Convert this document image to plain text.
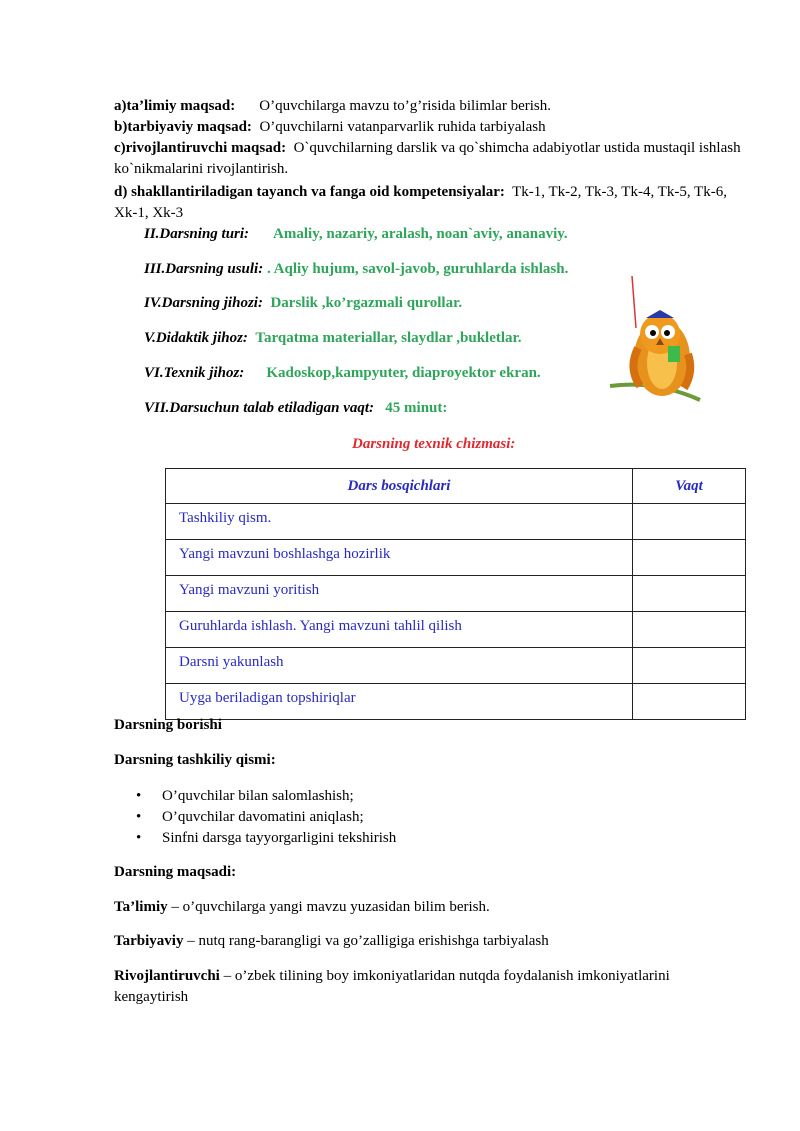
a)ta’limiy maqsad: O’quvchilarga mavzu to’g’risida bilimlar berish.
b)tarbiyaviy maqsad: O’quvchilarni vatanparvarlik ruhida tarbiyalash
c)rivojlantiruvchi maqsad: O`quvchilarning darslik va qo`shimcha adabiyotlar ustida mustaqil ishlash ko`nikmalarini rivojlantirish.
d) shakllantiriladigan tayanch va fanga oid kompetensiyalar: Tk-1, Tk-2, Tk-3, Tk-4, Tk-5, Tk-6, Xk-1, Xk-3
II.Darsning turi: Amaliy, nazariy, aralash, noan`aviy, ananaviy.
III.Darsning usuli: . Aqliy hujum, savol-javob, guruhlarda ishlash.
IV.Darsning jihozi: Darslik ,ko’rgazmali qurollar.
V.Didaktik jihoz: Tarqatma materiallar, slaydlar ,bukletlar.
VI.Texnik jihoz: Kadoskop,kampyuter, diaproyektor ekran.
VII.Darsuchun talab etiladigan vaqt: 45 minut:
Darsning texnik chizmasi:
Dars bosqichlari	Vaqt
Tashkiliy qism.	
Yangi mavzuni boshlashga hozirlik	
Yangi mavzuni yoritish	
Guruhlarda ishlash. Yangi mavzuni tahlil qilish	
Darsni yakunlash	
Uyga beriladigan topshiriqlar	
Darsning borishi
Darsning tashkiliy qismi:
• O’quvchilar bilan salomlashish;
• O’quvchilar davomatini aniqlash;
• Sinfni darsga tayyorgarligini tekshirish
Darsning maqsadi:
Ta’limiy – o’quvchilarga yangi mavzu yuzasidan bilim berish.
Tarbiyaviy – nutq rang-barangligi va go’zalligiga erishishga tarbiyalash
Rivojlantiruvchi – o’zbek tilining boy imkoniyatlaridan nutqda foydalanish imkoniyatlarini kengaytirish
